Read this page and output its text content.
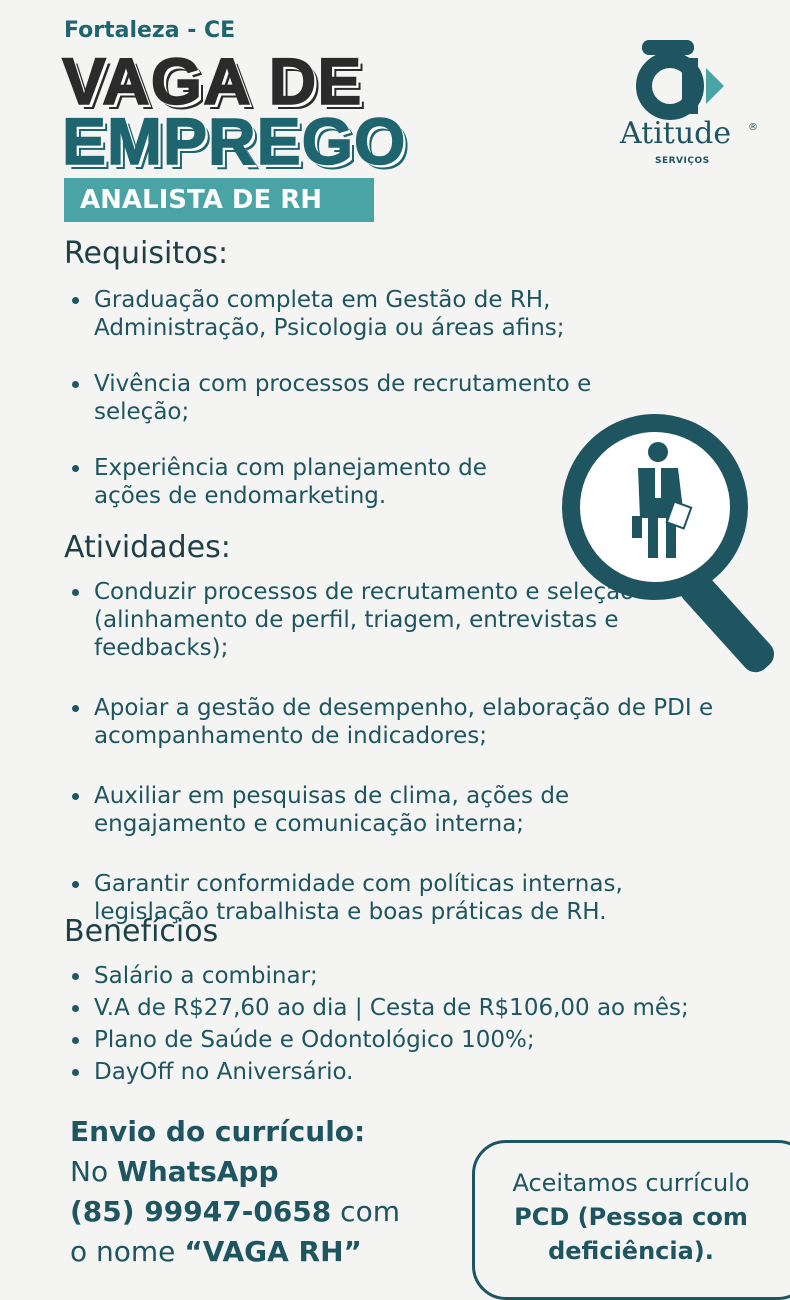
Fortaleza - CE
VAGA DE
EMPREGO
ANALISTA DE RH
Atitude ®
SERVIÇOS
Requisitos:
Graduação completa em Gestão de RH, Administração, Psicologia ou áreas afins;
Vivência com processos de recrutamento e seleção;
Experiência com planejamento de ações de endomarketing.
Atividades:
Conduzir processos de recrutamento e seleção (alinhamento de perfil, triagem, entrevistas e feedbacks);
Apoiar a gestão de desempenho, elaboração de PDI e acompanhamento de indicadores;
Auxiliar em pesquisas de clima, ações de engajamento e comunicação interna;
Garantir conformidade com políticas internas, legislação trabalhista e boas práticas de RH.
Benefícios
Salário a combinar;
V.A de R$27,60 ao dia | Cesta de R$106,00 ao mês;
Plano de Saúde e Odontológico 100%;
DayOff no Aniversário.
Envio do currículo:
No WhatsApp
(85) 99947-0658 com
o nome “VAGA RH”
Aceitamos currículo
PCD (Pessoa com
deficiência).
